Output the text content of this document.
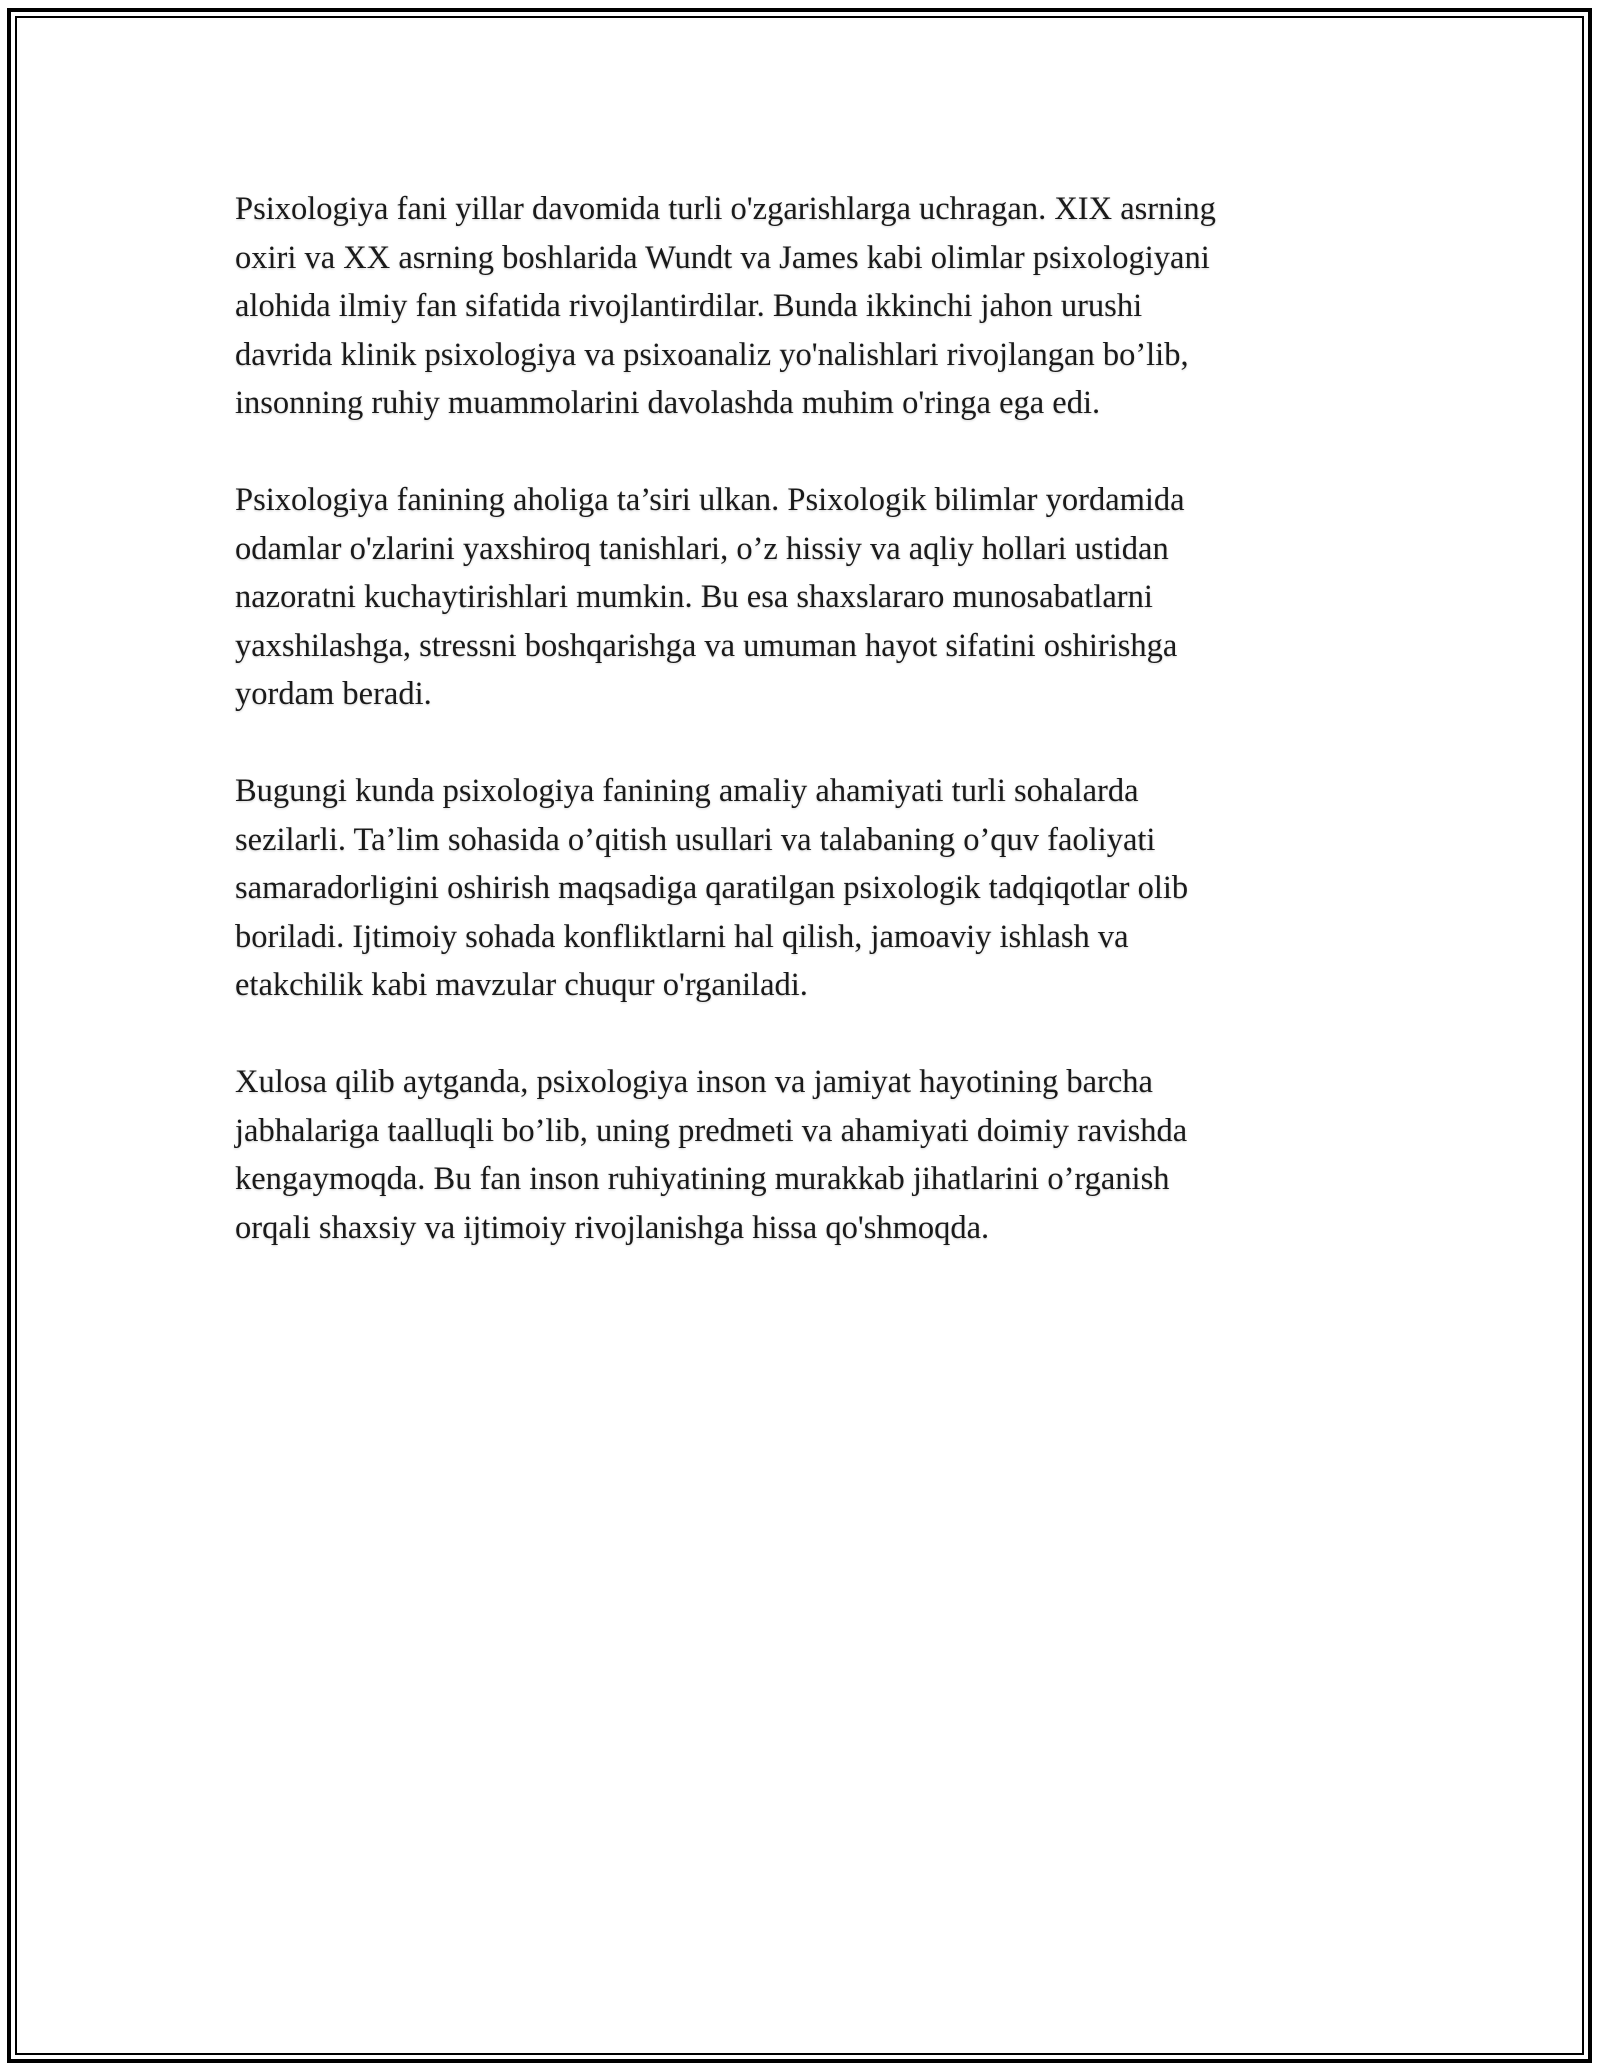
Psixologiya fani yillar davomida turli o'zgarishlarga uchragan. XIX asrning
oxiri va XX asrning boshlarida Wundt va James kabi olimlar psixologiyani
alohida ilmiy fan sifatida rivojlantirdilar. Bunda ikkinchi jahon urushi
davrida klinik psixologiya va psixoanaliz yo'nalishlari rivojlangan bo’lib,
insonning ruhiy muammolarini davolashda muhim o'ringa ega edi.

Psixologiya fanining aholiga ta’siri ulkan. Psixologik bilimlar yordamida
odamlar o'zlarini yaxshiroq tanishlari, o’z hissiy va aqliy hollari ustidan
nazoratni kuchaytirishlari mumkin. Bu esa shaxslararo munosabatlarni
yaxshilashga, stressni boshqarishga va umuman hayot sifatini oshirishga
yordam beradi.

Bugungi kunda psixologiya fanining amaliy ahamiyati turli sohalarda
sezilarli. Ta’lim sohasida o’qitish usullari va talabaning o’quv faoliyati
samaradorligini oshirish maqsadiga qaratilgan psixologik tadqiqotlar olib
boriladi. Ijtimoiy sohada konfliktlarni hal qilish, jamoaviy ishlash va
etakchilik kabi mavzular chuqur o'rganiladi.

Xulosa qilib aytganda, psixologiya inson va jamiyat hayotining barcha
jabhalariga taalluqli bo’lib, uning predmeti va ahamiyati doimiy ravishda
kengaymoqda. Bu fan inson ruhiyatining murakkab jihatlarini o’rganish
orqali shaxsiy va ijtimoiy rivojlanishga hissa qo'shmoqda.
